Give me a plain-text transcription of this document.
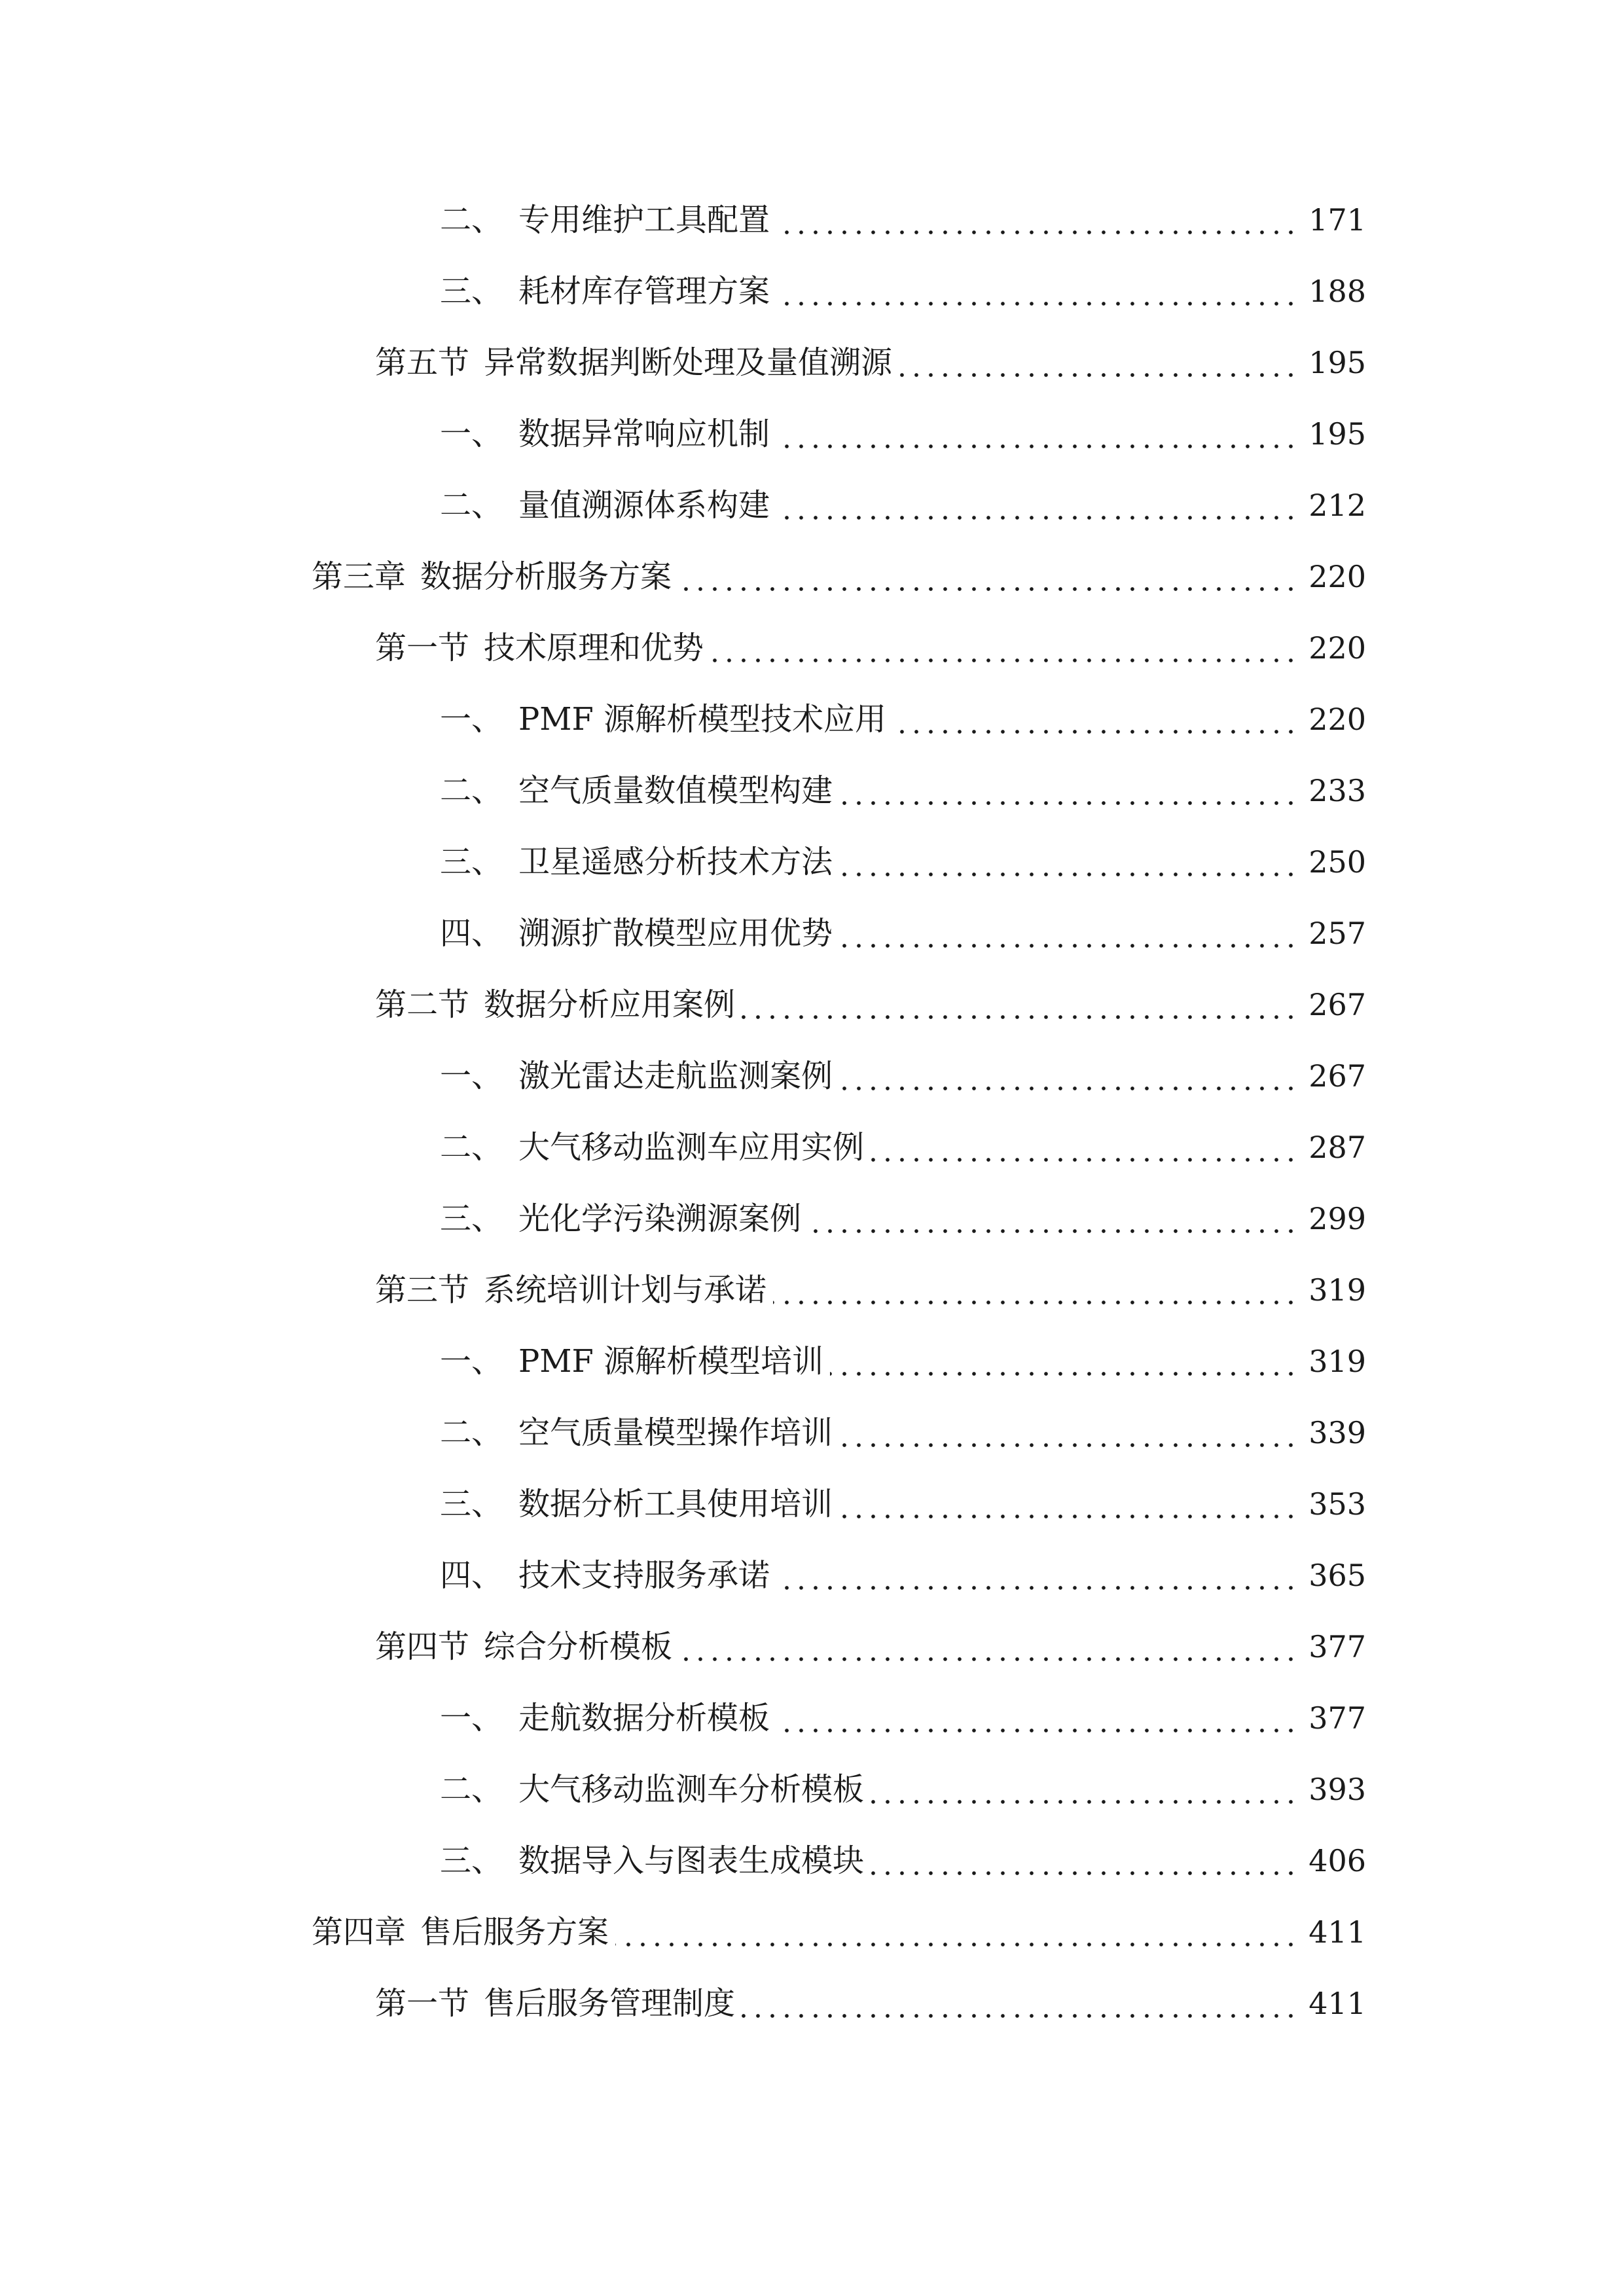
二、 专用维护工具配置	171
三、 耗材库存管理方案	188
第五节 异常数据判断处理及量值溯源	195
一、 数据异常响应机制	195
二、 量值溯源体系构建	212
第三章 数据分析服务方案	220
第一节 技术原理和优势	220
一、 PMF 源解析模型技术应用	220
二、 空气质量数值模型构建	233
三、 卫星遥感分析技术方法	250
四、 溯源扩散模型应用优势	257
第二节 数据分析应用案例	267
一、 激光雷达走航监测案例	267
二、 大气移动监测车应用实例	287
三、 光化学污染溯源案例	299
第三节 系统培训计划与承诺	319
一、 PMF 源解析模型培训	319
二、 空气质量模型操作培训	339
三、 数据分析工具使用培训	353
四、 技术支持服务承诺	365
第四节 综合分析模板	377
一、 走航数据分析模板	377
二、 大气移动监测车分析模板	393
三、 数据导入与图表生成模块	406
第四章 售后服务方案	411
第一节 售后服务管理制度	411
